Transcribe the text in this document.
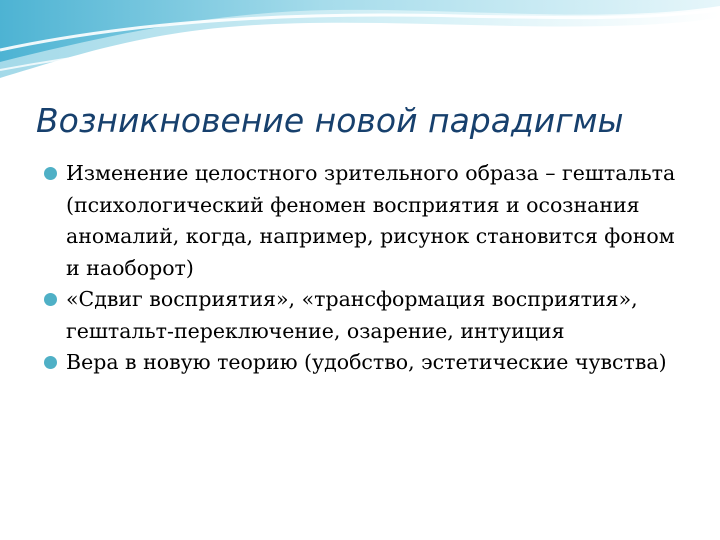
Возникновение новой парадигмы
Изменение целостного зрительного образа – гештальта (психологический феномен восприятия и осознания аномалий, когда, например, рисунок становится фоном и наоборот)
«Сдвиг восприятия», «трансформация восприятия», гештальт-переключение, озарение, интуиция
Вера в новую теорию (удобство, эстетические чувства)
